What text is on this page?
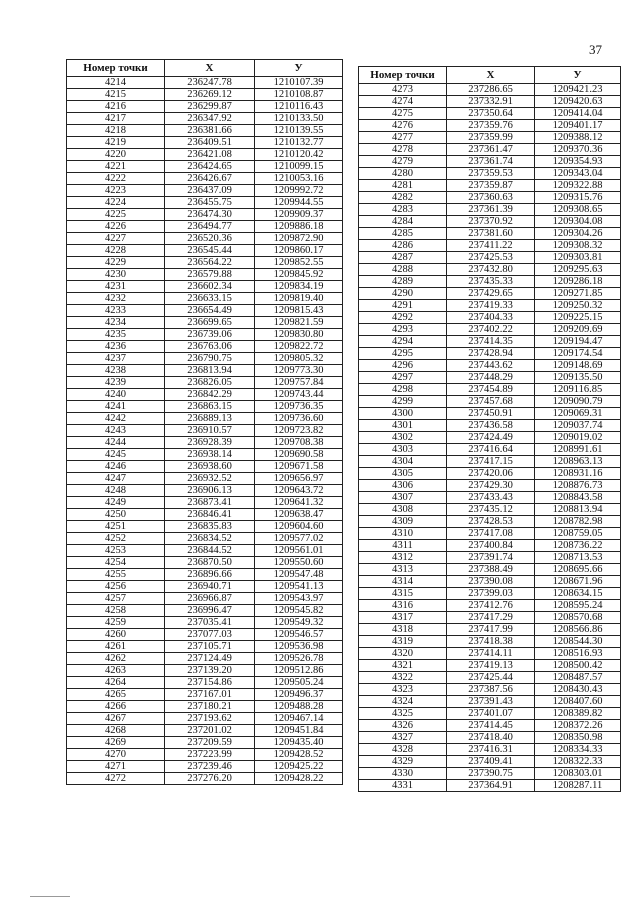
37
Номер точки	X	У
4214	236247.78	1210107.39
4215	236269.12	1210108.87
4216	236299.87	1210116.43
4217	236347.92	1210133.50
4218	236381.66	1210139.55
4219	236409.51	1210132.77
4220	236421.08	1210120.42
4221	236424.65	1210099.15
4222	236426.67	1210053.16
4223	236437.09	1209992.72
4224	236455.75	1209944.55
4225	236474.30	1209909.37
4226	236494.77	1209886.18
4227	236520.36	1209872.90
4228	236545.44	1209860.17
4229	236564.22	1209852.55
4230	236579.88	1209845.92
4231	236602.34	1209834.19
4232	236633.15	1209819.40
4233	236654.49	1209815.43
4234	236699.65	1209821.59
4235	236739.06	1209830.80
4236	236763.06	1209822.72
4237	236790.75	1209805.32
4238	236813.94	1209773.30
4239	236826.05	1209757.84
4240	236842.29	1209743.44
4241	236863.15	1209736.35
4242	236889.13	1209736.60
4243	236910.57	1209723.82
4244	236928.39	1209708.38
4245	236938.14	1209690.58
4246	236938.60	1209671.58
4247	236932.52	1209656.97
4248	236906.13	1209643.72
4249	236873.41	1209641.32
4250	236846.41	1209638.47
4251	236835.83	1209604.60
4252	236834.52	1209577.02
4253	236844.52	1209561.01
4254	236870.50	1209550.60
4255	236896.66	1209547.48
4256	236940.71	1209541.13
4257	236966.87	1209543.97
4258	236996.47	1209545.82
4259	237035.41	1209549.32
4260	237077.03	1209546.57
4261	237105.71	1209536.98
4262	237124.49	1209526.78
4263	237139.20	1209512.86
4264	237154.86	1209505.24
4265	237167.01	1209496.37
4266	237180.21	1209488.28
4267	237193.62	1209467.14
4268	237201.02	1209451.84
4269	237209.59	1209435.40
4270	237223.99	1209428.52
4271	237239.46	1209425.22
4272	237276.20	1209428.22
Номер точки	X	У
4273	237286.65	1209421.23
4274	237332.91	1209420.63
4275	237350.64	1209414.04
4276	237359.76	1209401.17
4277	237359.99	1209388.12
4278	237361.47	1209370.36
4279	237361.74	1209354.93
4280	237359.53	1209343.04
4281	237359.87	1209322.88
4282	237360.63	1209315.76
4283	237361.39	1209308.65
4284	237370.92	1209304.08
4285	237381.60	1209304.26
4286	237411.22	1209308.32
4287	237425.53	1209303.81
4288	237432.80	1209295.63
4289	237435.33	1209286.18
4290	237429.65	1209271.85
4291	237419.33	1209250.32
4292	237404.33	1209225.15
4293	237402.22	1209209.69
4294	237414.35	1209194.47
4295	237428.94	1209174.54
4296	237443.62	1209148.69
4297	237448.29	1209135.50
4298	237454.89	1209116.85
4299	237457.68	1209090.79
4300	237450.91	1209069.31
4301	237436.58	1209037.74
4302	237424.49	1209019.02
4303	237416.64	1208991.61
4304	237417.15	1208963.13
4305	237420.06	1208931.16
4306	237429.30	1208876.73
4307	237433.43	1208843.58
4308	237435.12	1208813.94
4309	237428.53	1208782.98
4310	237417.08	1208759.05
4311	237400.84	1208736.22
4312	237391.74	1208713.53
4313	237388.49	1208695.66
4314	237390.08	1208671.96
4315	237399.03	1208634.15
4316	237412.76	1208595.24
4317	237417.29	1208570.68
4318	237417.99	1208566.86
4319	237418.38	1208544.30
4320	237414.11	1208516.93
4321	237419.13	1208500.42
4322	237425.44	1208487.57
4323	237387.56	1208430.43
4324	237391.43	1208407.60
4325	237401.07	1208389.82
4326	237414.45	1208372.26
4327	237418.40	1208350.98
4328	237416.31	1208334.33
4329	237409.41	1208322.33
4330	237390.75	1208303.01
4331	237364.91	1208287.11
